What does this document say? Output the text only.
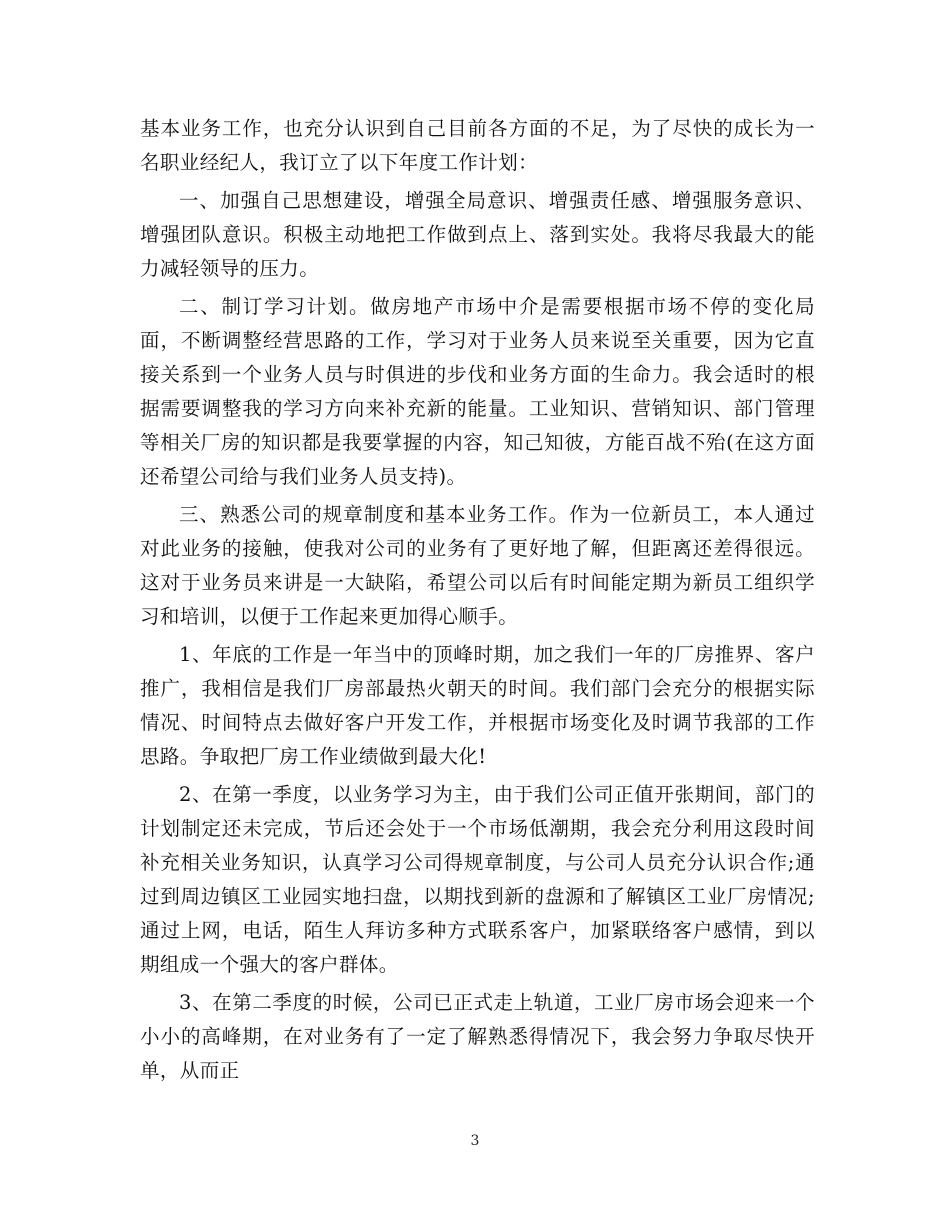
基本业务工作，也充分认识到自己目前各方面的不足，为了尽快的成长为一名职业经纪人，我订立了以下年度工作计划：

一、加强自己思想建设，增强全局意识、增强责任感、增强服务意识、增强团队意识。积极主动地把工作做到点上、落到实处。我将尽我最大的能力减轻领导的压力。

二、制订学习计划。做房地产市场中介是需要根据市场不停的变化局面，不断调整经营思路的工作，学习对于业务人员来说至关重要，因为它直接关系到一个业务人员与时俱进的步伐和业务方面的生命力。我会适时的根据需要调整我的学习方向来补充新的能量。工业知识、营销知识、部门管理等相关厂房的知识都是我要掌握的内容，知己知彼，方能百战不殆(在这方面还希望公司给与我们业务人员支持)。

三、熟悉公司的规章制度和基本业务工作。作为一位新员工，本人通过对此业务的接触，使我对公司的业务有了更好地了解，但距离还差得很远。这对于业务员来讲是一大缺陷，希望公司以后有时间能定期为新员工组织学习和培训，以便于工作起来更加得心顺手。

1、年底的工作是一年当中的顶峰时期，加之我们一年的厂房推界、客户推广，我相信是我们厂房部最热火朝天的时间。我们部门会充分的根据实际情况、时间特点去做好客户开发工作，并根据市场变化及时调节我部的工作思路。争取把厂房工作业绩做到最大化!

2、在第一季度，以业务学习为主，由于我们公司正值开张期间，部门的计划制定还未完成，节后还会处于一个市场低潮期，我会充分利用这段时间补充相关业务知识，认真学习公司得规章制度，与公司人员充分认识合作;通过到周边镇区工业园实地扫盘，以期找到新的盘源和了解镇区工业厂房情况;通过上网，电话，陌生人拜访多种方式联系客户，加紧联络客户感情，到以期组成一个强大的客户群体。

3、在第二季度的时候，公司已正式走上轨道，工业厂房市场会迎来一个小小的高峰期，在对业务有了一定了解熟悉得情况下，我会努力争取尽快开单，从而正

3
